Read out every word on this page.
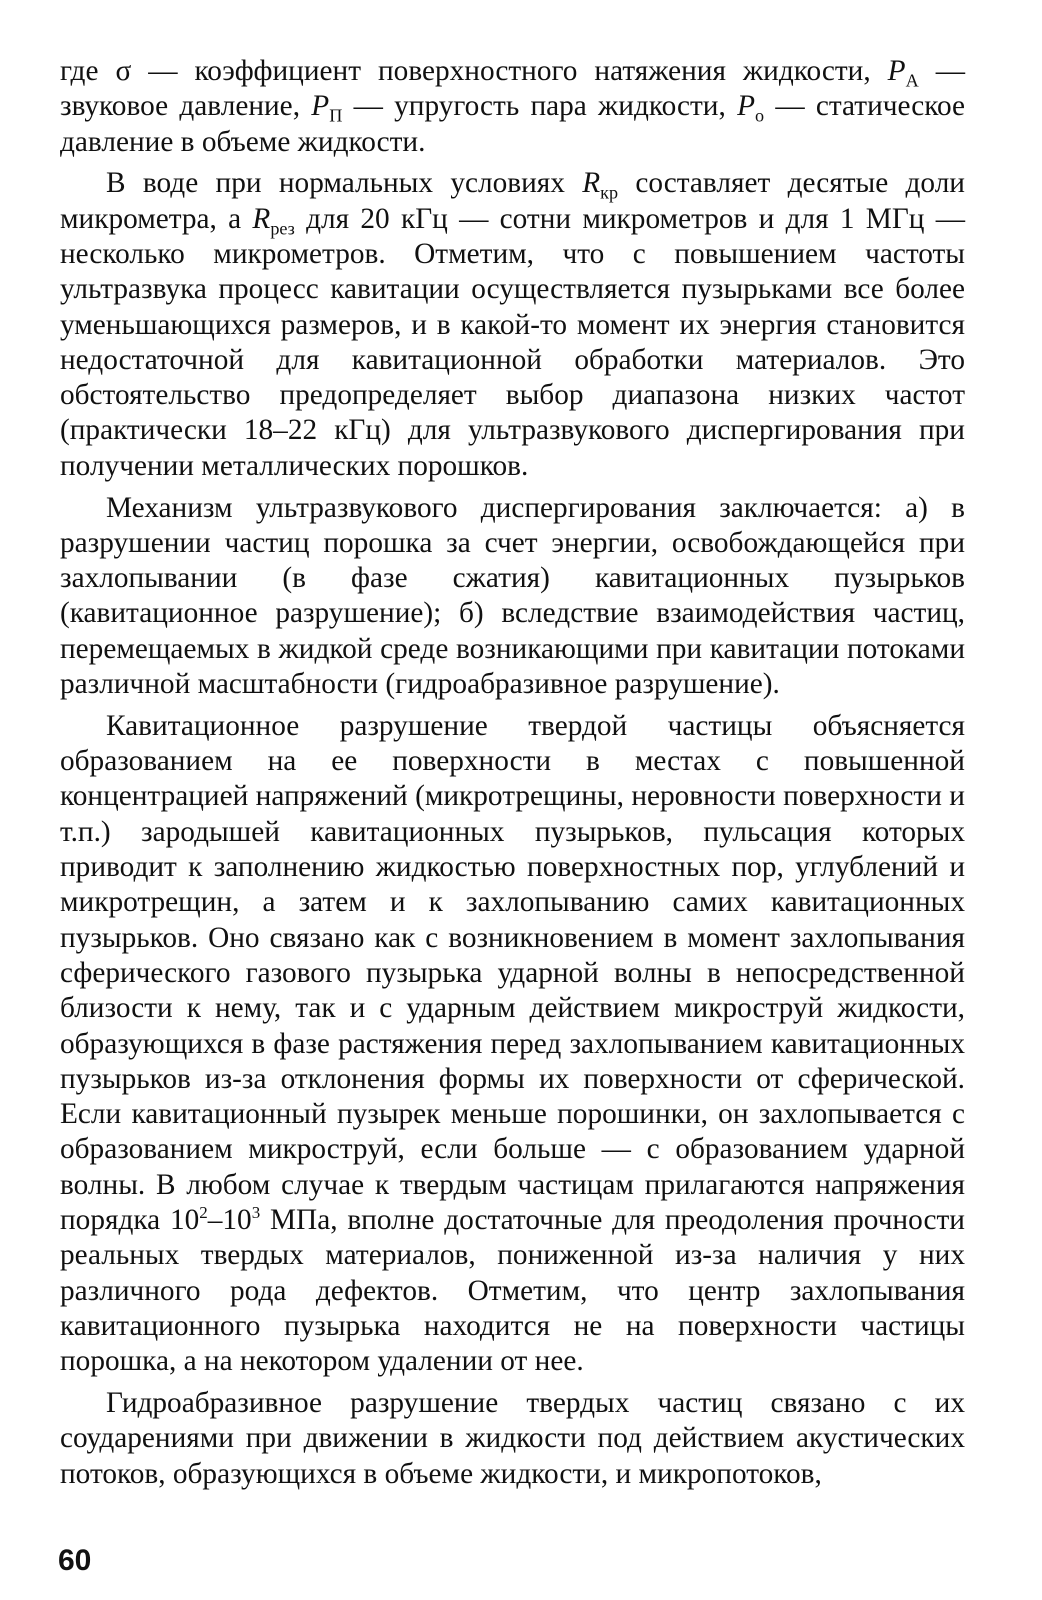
где σ — коэффициент поверхностного натяжения жидкости, $P_A$ — звуковое давление, $P_П$ — упругость пара жидкости, $P_о$ — статическое давление в объеме жидкости.

В воде при нормальных условиях $R_{кр}$ составляет десятые доли микрометра, а $R_{рез}$ для 20 кГц — сотни микрометров и для 1 МГц — несколько микрометров. Отметим, что с повышением частоты ультразвука процесс кавитации осуществляется пузырьками все более уменьшающихся размеров, и в какой-то момент их энергия становится недостаточной для кавитационной обработки материалов. Это обстоятельство предопределяет выбор диапазона низких частот (практически 18–22 кГц) для ультразвукового диспергирования при получении металлических порошков.

Механизм ультразвукового диспергирования заключается: а) в разрушении частиц порошка за счет энергии, освобождающейся при захлопывании (в фазе сжатия) кавитационных пузырьков (кавитационное разрушение); б) вследствие взаимодействия частиц, перемещаемых в жидкой среде возникающими при кавитации потоками различной масштабности (гидроабразивное разрушение).

Кавитационное разрушение твердой частицы объясняется образованием на ее поверхности в местах с повышенной концентрацией напряжений (микротрещины, неровности поверхности и т.п.) зародышей кавитационных пузырьков, пульсация которых приводит к заполнению жидкостью поверхностных пор, углублений и микротрещин, а затем и к захлопыванию самих кавитационных пузырьков. Оно связано как с возникновением в момент захлопывания сферического газового пузырька ударной волны в непосредственной близости к нему, так и с ударным действием микроструй жидкости, образующихся в фазе растяжения перед захлопыванием кавитационных пузырьков из-за отклонения формы их поверхности от сферической. Если кавитационный пузырек меньше порошинки, он захлопывается с образованием микроструй, если больше — с образованием ударной волны. В любом случае к твердым частицам прилагаются напряжения порядка $10^2-10^3$ МПа, вполне достаточные для преодоления прочности реальных твердых материалов, пониженной из-за наличия у них различного рода дефектов. Отметим, что центр захлопывания кавитационного пузырька находится не на поверхности частицы порошка, а на некотором удалении от нее.

Гидроабразивное разрушение твердых частиц связано с их соударениями при движении в жидкости под действием акустических потоков, образующихся в объеме жидкости, и микропотоков,

60
